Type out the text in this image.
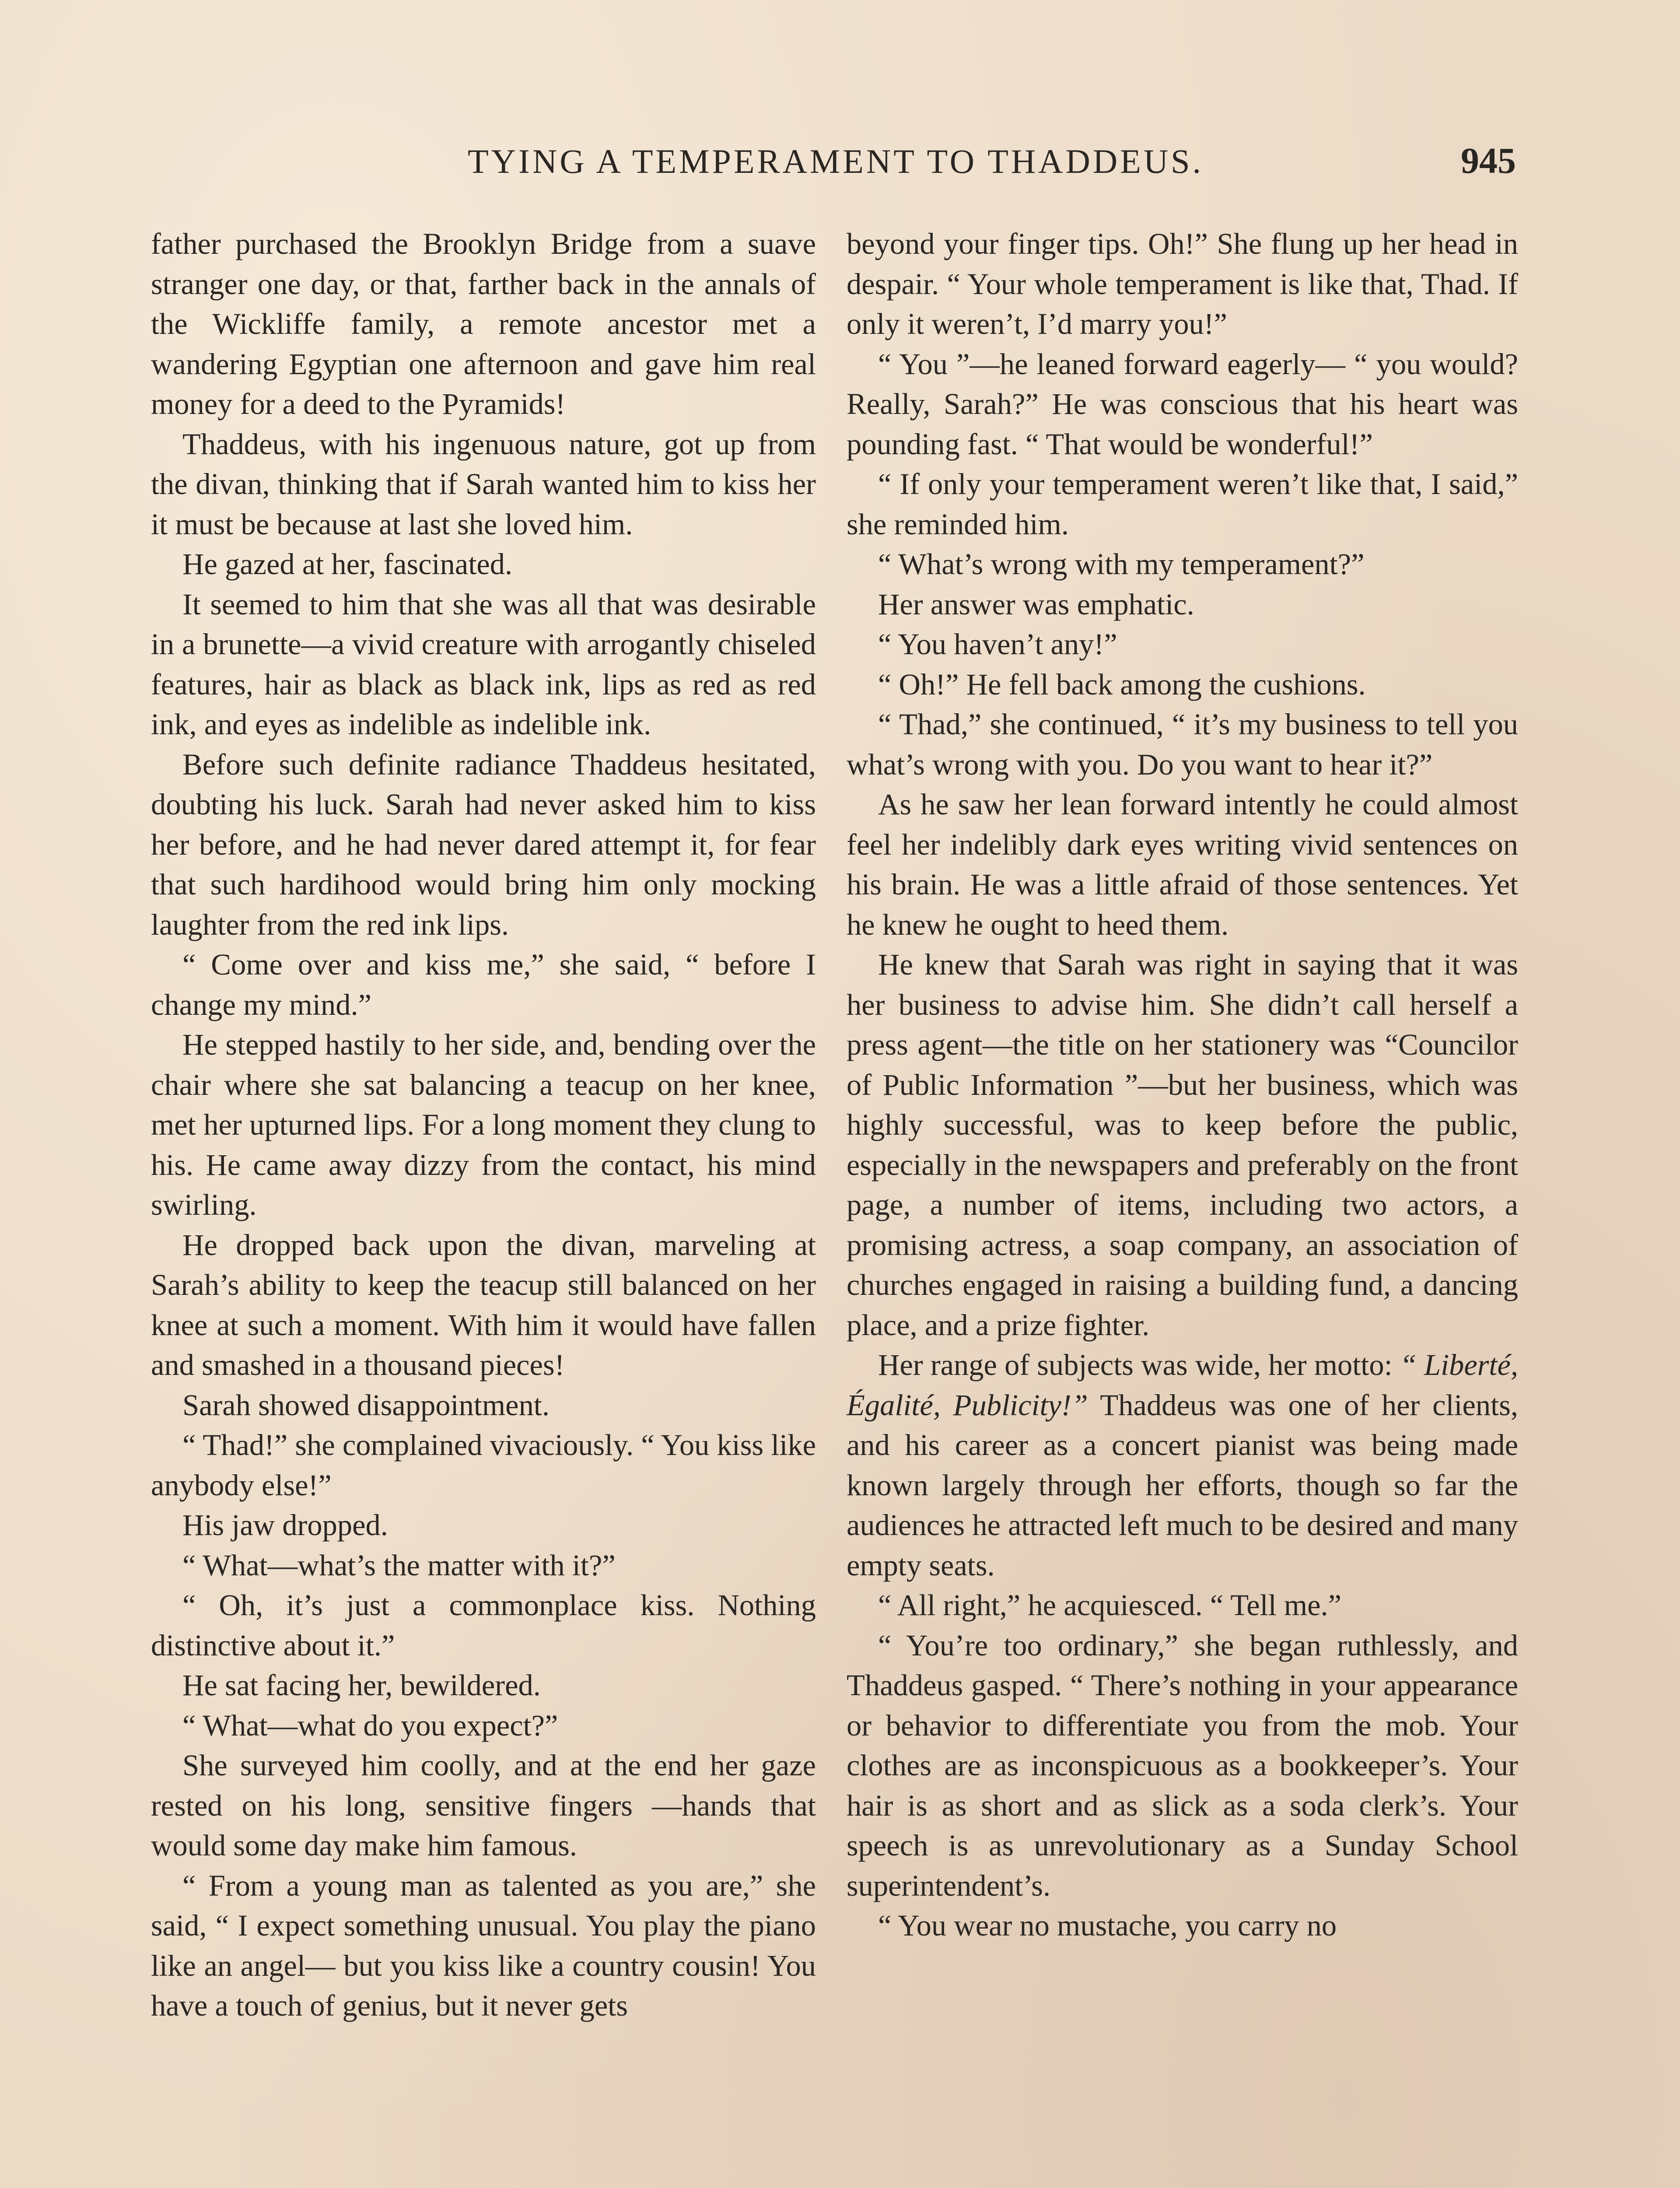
TYING A TEMPERAMENT TO THADDEUS.	945

father purchased the Brooklyn Bridge from a suave stranger one day, or that, farther back in the annals of the Wickliffe family, a remote ancestor met a wandering Egyptian one afternoon and gave him real money for a deed to the Pyramids!

Thaddeus, with his ingenuous nature, got up from the divan, thinking that if Sarah wanted him to kiss her it must be because at last she loved him.

He gazed at her, fascinated.

It seemed to him that she was all that was desirable in a brunette—a vivid creature with arrogantly chiseled features, hair as black as black ink, lips as red as red ink, and eyes as indelible as indelible ink.

Before such definite radiance Thaddeus hesitated, doubting his luck. Sarah had never asked him to kiss her before, and he had never dared attempt it, for fear that such hardihood would bring him only mocking laughter from the red ink lips.

“ Come over and kiss me,” she said, “ before I change my mind.”

He stepped hastily to her side, and, bending over the chair where she sat balancing a teacup on her knee, met her upturned lips. For a long moment they clung to his. He came away dizzy from the contact, his mind swirling.

He dropped back upon the divan, marveling at Sarah’s ability to keep the teacup still balanced on her knee at such a moment. With him it would have fallen and smashed in a thousand pieces!

Sarah showed disappointment.

“ Thad!” she complained vivaciously. “ You kiss like anybody else!”

His jaw dropped.

“ What—what’s the matter with it?”

“ Oh, it’s just a commonplace kiss. Nothing distinctive about it.”

He sat facing her, bewildered.

“ What—what do you expect?”

She surveyed him coolly, and at the end her gaze rested on his long, sensitive fingers —hands that would some day make him famous.

“ From a young man as talented as you are,” she said, “ I expect something unusual. You play the piano like an angel— but you kiss like a country cousin! You have a touch of genius, but it never gets

beyond your finger tips. Oh!” She flung up her head in despair. “ Your whole temperament is like that, Thad. If only it weren’t, I’d marry you!”

“ You ”—he leaned forward eagerly— “ you would? Really, Sarah?” He was conscious that his heart was pounding fast. “ That would be wonderful!”

“ If only your temperament weren’t like that, I said,” she reminded him.

“ What’s wrong with my temperament?”

Her answer was emphatic.

“ You haven’t any!”

“ Oh!” He fell back among the cushions.

“ Thad,” she continued, “ it’s my business to tell you what’s wrong with you. Do you want to hear it?”

As he saw her lean forward intently he could almost feel her indelibly dark eyes writing vivid sentences on his brain. He was a little afraid of those sentences. Yet he knew he ought to heed them.

He knew that Sarah was right in saying that it was her business to advise him. She didn’t call herself a press agent—the title on her stationery was “Councilor of Public Information ”—but her business, which was highly successful, was to keep before the public, especially in the newspapers and preferably on the front page, a number of items, including two actors, a promising actress, a soap company, an association of churches engaged in raising a building fund, a dancing place, and a prize fighter.

Her range of subjects was wide, her motto: “ Liberté, Égalité, Publicity!” Thaddeus was one of her clients, and his career as a concert pianist was being made known largely through her efforts, though so far the audiences he attracted left much to be desired and many empty seats.

“ All right,” he acquiesced. “ Tell me.”

“ You’re too ordinary,” she began ruthlessly, and Thaddeus gasped. “ There’s nothing in your appearance or behavior to differentiate you from the mob. Your clothes are as inconspicuous as a bookkeeper’s. Your hair is as short and as slick as a soda clerk’s. Your speech is as unrevolutionary as a Sunday School superintendent’s.

“ You wear no mustache, you carry no
